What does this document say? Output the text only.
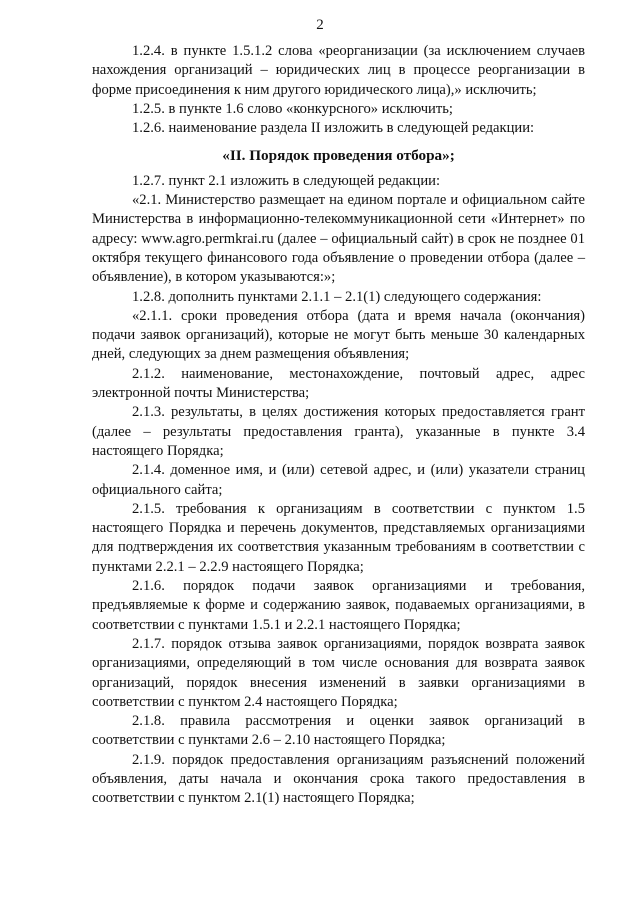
2

1.2.4. в пункте 1.5.1.2 слова «реорганизации (за исключением случаев нахождения организаций – юридических лиц в процессе реорганизации в форме присоединения к ним другого юридического лица),» исключить;

1.2.5. в пункте 1.6 слово «конкурсного» исключить;

1.2.6. наименование раздела II изложить в следующей редакции:

«II. Порядок проведения отбора»;

1.2.7. пункт 2.1 изложить в следующей редакции:

«2.1. Министерство размещает на едином портале и официальном сайте Министерства в информационно-телекоммуникационной сети «Интернет» по адресу: www.agro.permkrai.ru (далее – официальный сайт) в срок не позднее 01 октября текущего финансового года объявление о проведении отбора (далее – объявление), в котором указываются:»;

1.2.8. дополнить пунктами 2.1.1 – 2.1(1) следующего содержания:

«2.1.1. сроки проведения отбора (дата и время начала (окончания) подачи заявок организаций), которые не могут быть меньше 30 календарных дней, следующих за днем размещения объявления;

2.1.2. наименование, местонахождение, почтовый адрес, адрес электронной почты Министерства;

2.1.3. результаты, в целях достижения которых предоставляется грант (далее – результаты предоставления гранта), указанные в пункте 3.4 настоящего Порядка;

2.1.4. доменное имя, и (или) сетевой адрес, и (или) указатели страниц официального сайта;

2.1.5. требования к организациям в соответствии с пунктом 1.5 настоящего Порядка и перечень документов, представляемых организациями для подтверждения их соответствия указанным требованиям в соответствии с пунктами 2.2.1 – 2.2.9 настоящего Порядка;

2.1.6. порядок подачи заявок организациями и требования, предъявляемые к форме и содержанию заявок, подаваемых организациями, в соответствии с пунктами 1.5.1 и 2.2.1 настоящего Порядка;

2.1.7. порядок отзыва заявок организациями, порядок возврата заявок организациями, определяющий в том числе основания для возврата заявок организаций, порядок внесения изменений в заявки организациями в соответствии с пунктом 2.4 настоящего Порядка;

2.1.8. правила рассмотрения и оценки заявок организаций в соответствии с пунктами 2.6 – 2.10 настоящего Порядка;

2.1.9. порядок предоставления организациям разъяснений положений объявления, даты начала и окончания срока такого предоставления в соответствии с пунктом 2.1(1) настоящего Порядка;
